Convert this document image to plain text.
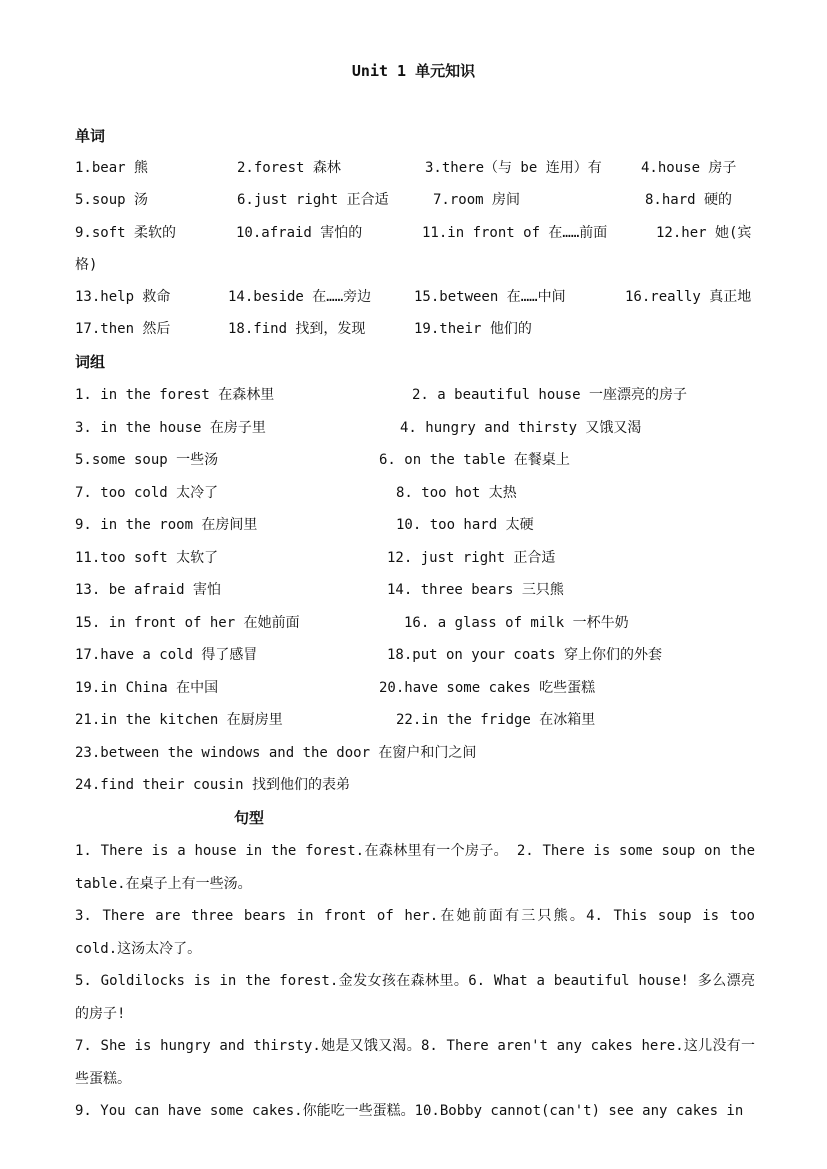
Unit 1 单元知识
单词
1.bear 熊	2.forest 森林	3.there（与 be 连用）有	4.house 房子
5.soup 汤	6.just right 正合适	7.room 房间	8.hard 硬的
9.soft 柔软的	10.afraid 害怕的	11.in front of 在……前面	12.her 她(宾
格)
13.help 救命	14.beside 在……旁边	15.between 在……中间	16.really 真正地
17.then 然后	18.find 找到，发现	19.their 他们的
词组
1. in the forest 在森林里	2. a beautiful house 一座漂亮的房子
3. in the house 在房子里	4. hungry and thirsty 又饿又渴
5.some soup 一些汤	6. on the table 在餐桌上
7. too cold 太冷了	8. too hot 太热
9. in the room 在房间里	10. too hard 太硬
11.too soft 太软了	12. just right 正合适
13. be afraid 害怕	14. three bears 三只熊
15. in front of her 在她前面	16. a glass of milk 一杯牛奶
17.have a cold 得了感冒	18.put on your coats 穿上你们的外套
19.in China 在中国	20.have some cakes 吃些蛋糕
21.in the kitchen 在厨房里	22.in the fridge 在冰箱里
23.between the windows and the door 在窗户和门之间
24.find their cousin 找到他们的表弟
句型
1. There is a house in the forest.在森林里有一个房子。 2. There is some soup on the table.在桌子上有一些汤。
3. There are three bears in front of her.在她前面有三只熊。4. This soup is too cold.这汤太冷了。
5. Goldilocks is in the forest.金发女孩在森林里。6. What a beautiful house! 多么漂亮的房子!
7. She is hungry and thirsty.她是又饿又渴。8. There aren't any cakes here.这儿没有一些蛋糕。
9. You can have some cakes.你能吃一些蛋糕。10.Bobby cannot(can't) see any cakes in
